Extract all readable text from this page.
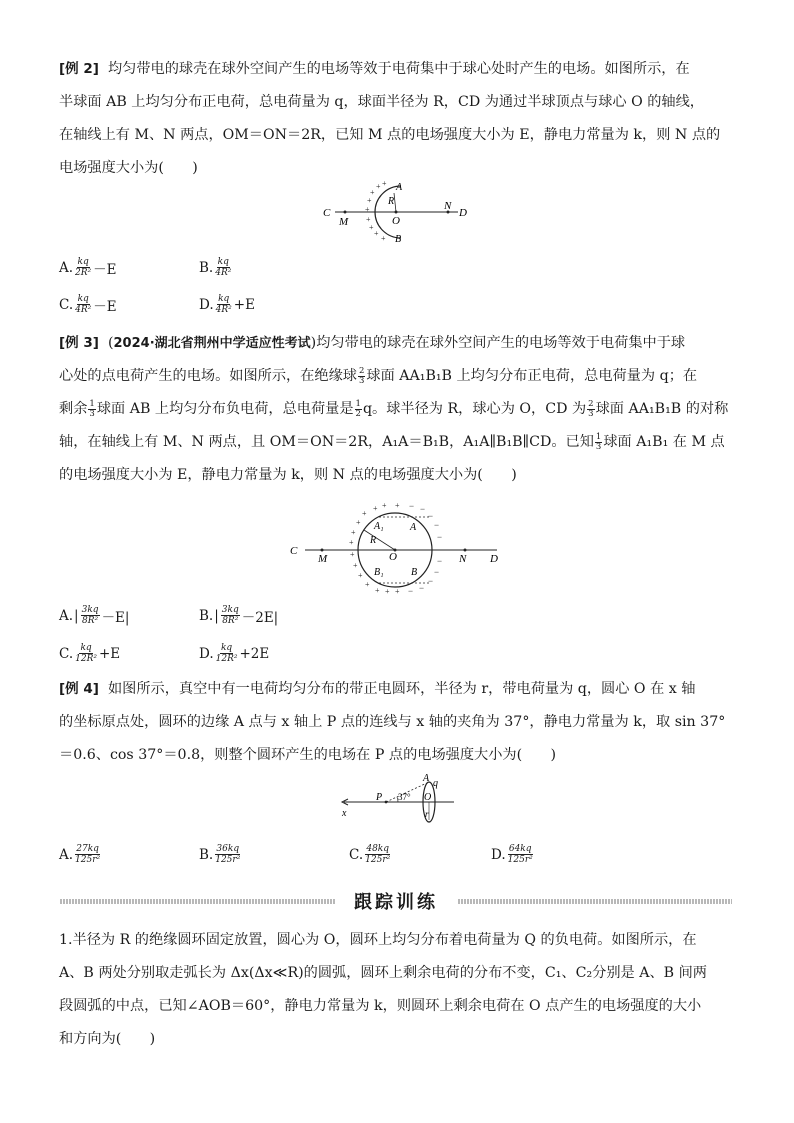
[例 2] 均匀带电的球壳在球外空间产生的电场等效于电荷集中于球心处时产生的电场。如图所示，在
半球面 AB 上均匀分布正电荷，总电荷量为 q，球面半径为 R，CD 为通过半球顶点与球心 O 的轴线，
在轴线上有 M、N 两点，OM＝ON＝2R，已知 M 点的电场强度大小为 E，静电力常量为 k，则 N 点的
电场强度大小为(　　)
+ +
+
+
+
+
+
+
+
C
M	O
R
A
B
N
D
A. $\frac{kq}{\text{2R²}} -E$	B. $\frac{kq}{\text{4R²}}$
C. $\frac{kq}{\text{4R²}} -E$	D. $\frac{kq}{\text{4R²}} +E$
[例 3] (2024·湖北省荆州中学适应性考试)均匀带电的球壳在球外空间产生的电场等效于电荷集中于球
心处的点电荷产生的电场。如图所示，在绝缘球 $\frac{2}{3}$ 球面 AA₁B₁B 上均匀分布正电荷，总电荷量为 q；在
剩余 $\frac{1}{3}$ 球面 AB 上均匀分布负电荷，总电荷量是 $\frac{1}{2}$ q。球半径为 R，球心为 O，CD 为 $\frac{2}{3}$ 球面 AA₁B₁B 的对称
轴，在轴线上有 M、N 两点，且 OM＝ON＝2R，A₁A＝B₁B，A₁A∥B₁B∥CD。已知 $\frac{1}{3}$ 球面 A₁B₁ 在 M 点
的电场强度大小为 E，静电力常量为 k，则 N 点的电场强度大小为(　　)
+ +
+
+
+
+
+
+
+
+
+ +
+
+
− −
−
−
−
−
−
−
−
−
C
M	O
R
A₁	A
B₁	B
N D
A. | $\frac{3kq}{\text{8R²}} -E|$	B. | $\frac{3kq}{\text{8R²}} -2E|$
C. $\frac{kq}{\text{12R²}} +E$	D. $\frac{kq}{\text{12R²}} +2E$
[例 4] 如图所示，真空中有一电荷均匀分布的带正电圆环，半径为 r，带电荷量为 q，圆心 O 在 x 轴
的坐标原点处，圆环的边缘 A 点与 x 轴上 P 点的连线与 x 轴的夹角为 37°，静电力常量为 k，取 sin 37°
＝0.6、cos 37°＝0.8，则整个圆环产生的电场在 P 点的电场强度大小为(　　)
A q
P 37° O
r
x
A. $\frac{27kq}{\text{125r²}}$	B. $\frac{36kq}{\text{125r²}}$	C. $\frac{48kq}{\text{125r²}}$	D. $\frac{64kq}{\text{125r²}}$
跟踪训练
1.半径为 R 的绝缘圆环固定放置，圆心为 O，圆环上均匀分布着电荷量为 Q 的负电荷。如图所示，在
A、B 两处分别取走弧长为 Δx(Δx≪R)的圆弧，圆环上剩余电荷的分布不变，C₁、C₂分别是 A、B 间两
段圆弧的中点，已知∠AOB＝60°，静电力常量为 k，则圆环上剩余电荷在 O 点产生的电场强度的大小
和方向为(　　)
